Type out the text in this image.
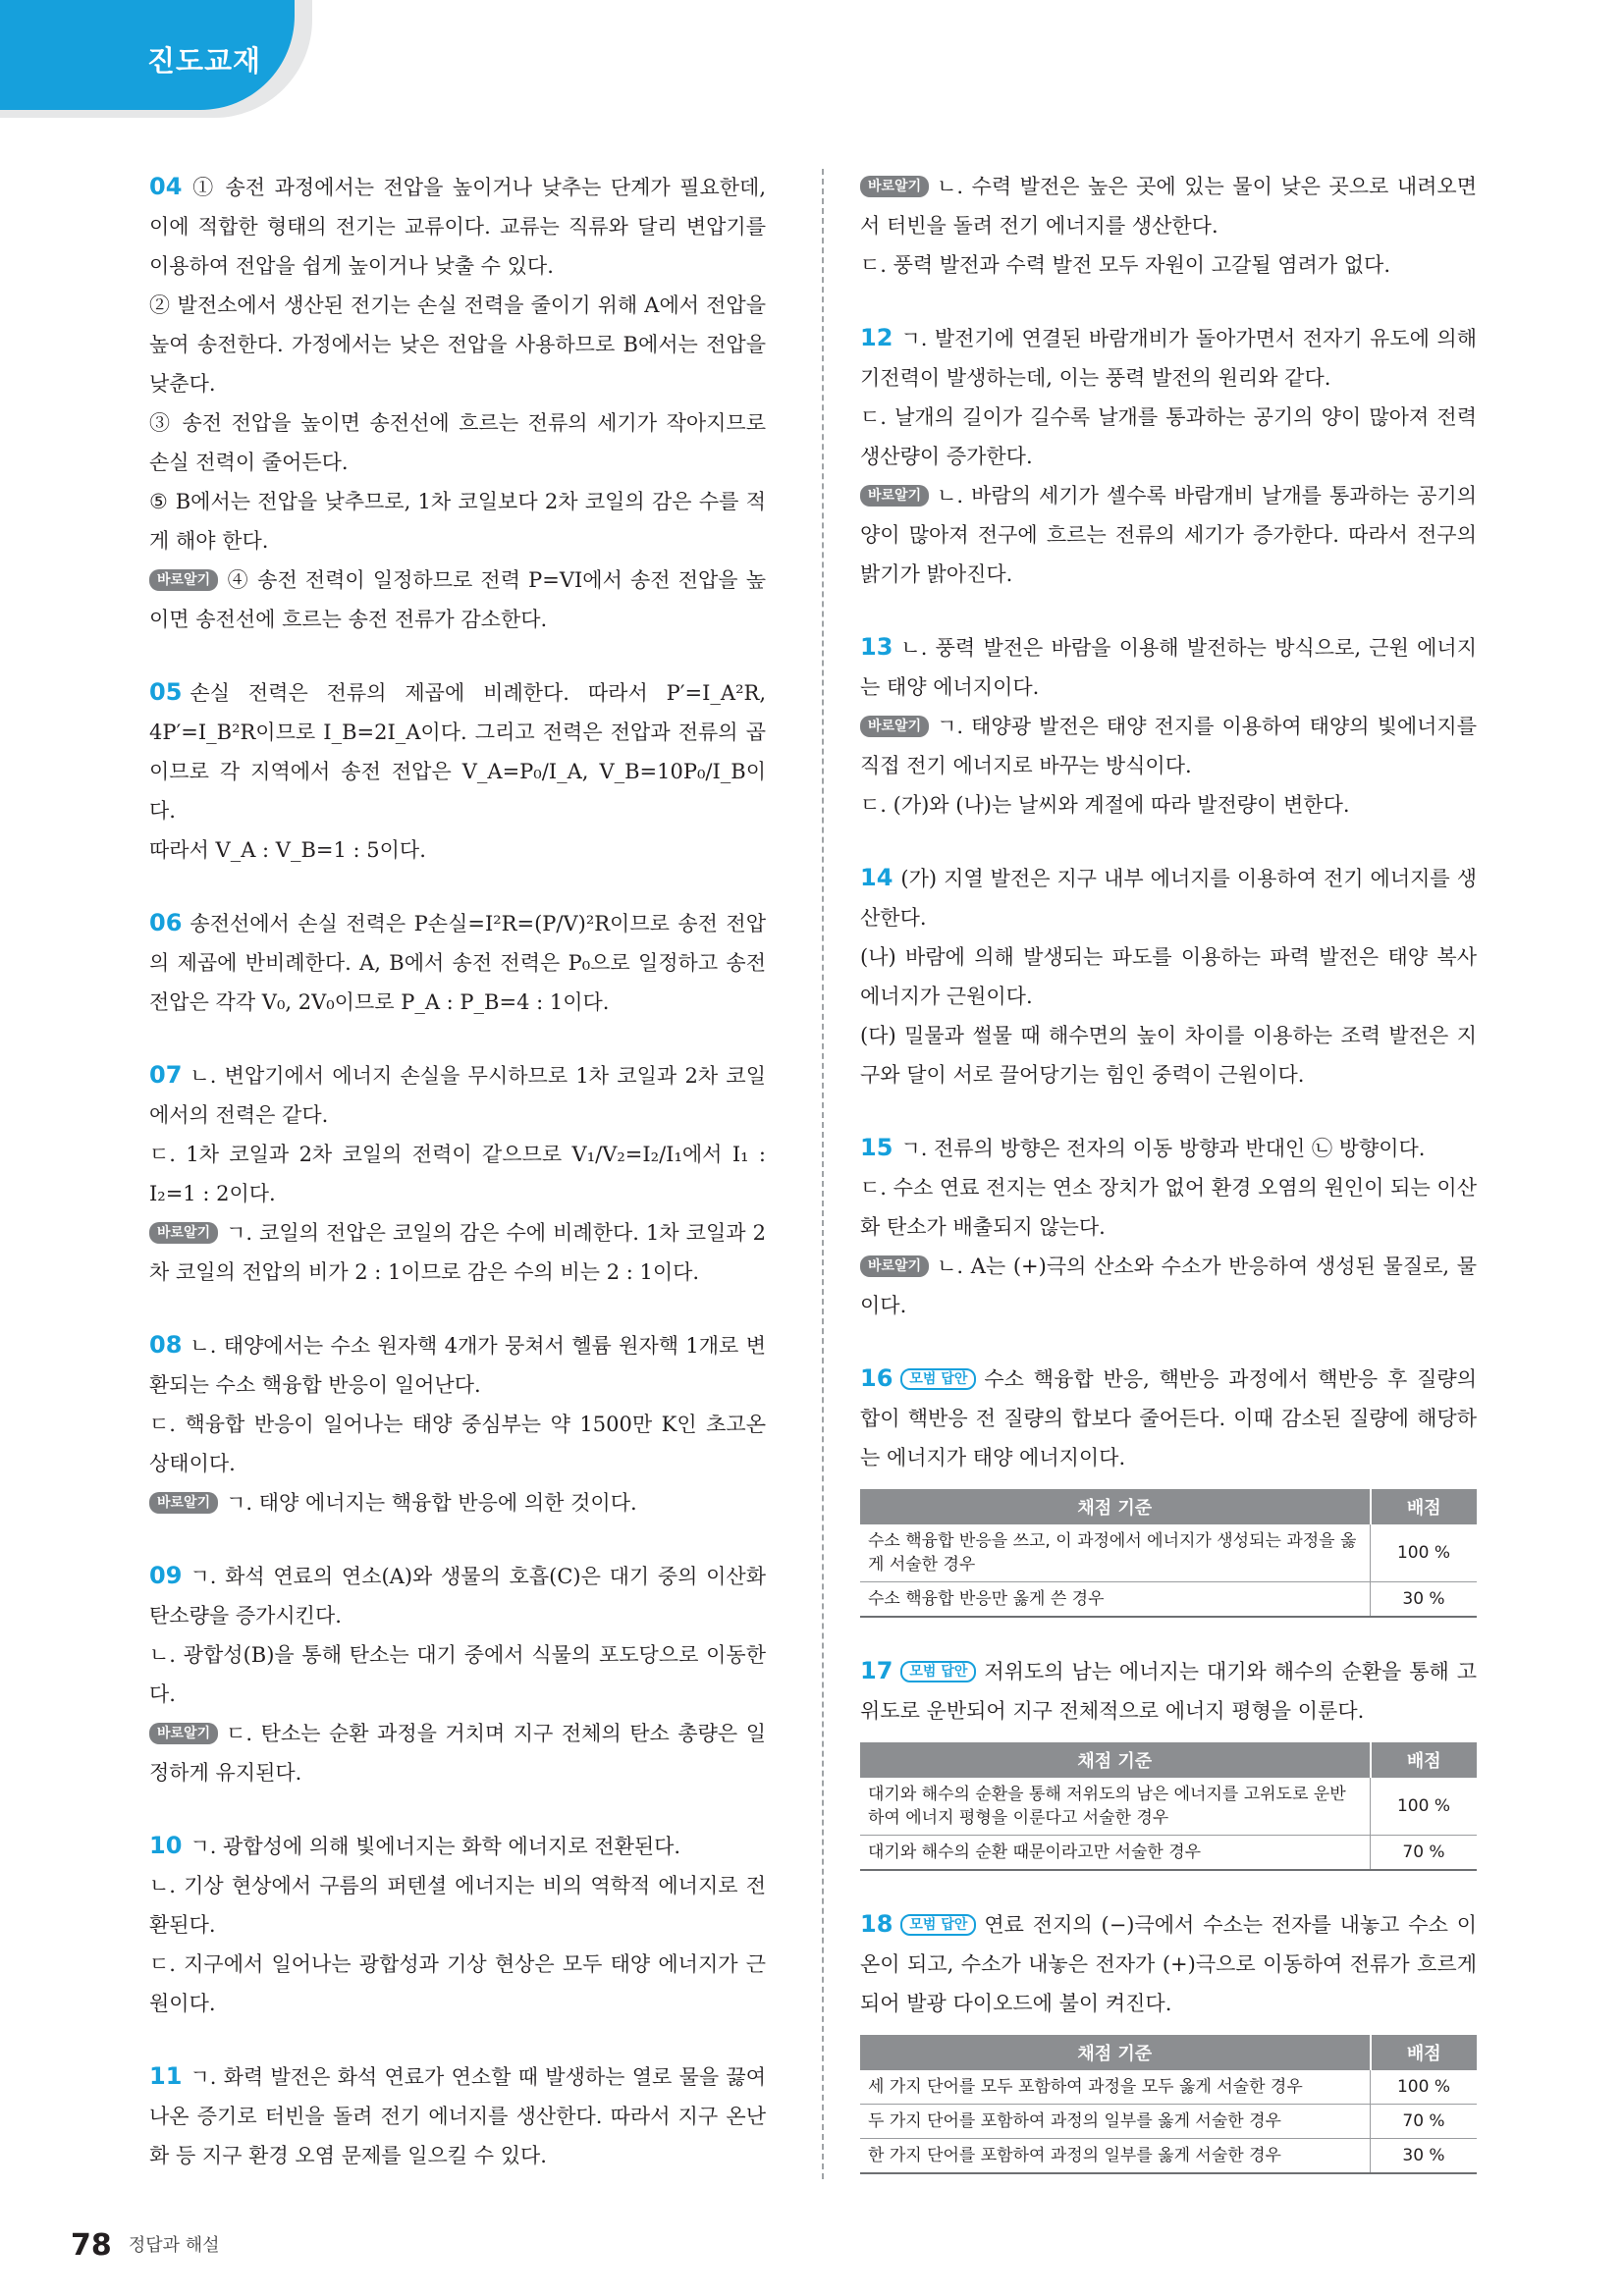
진도교재

04 ① 송전 과정에서는 전압을 높이거나 낮추는 단계가 필요한데, 이에 적합한 형태의 전기는 교류이다. 교류는 직류와 달리 변압기를 이용하여 전압을 쉽게 높이거나 낮출 수 있다.

② 발전소에서 생산된 전기는 손실 전력을 줄이기 위해 A에서 전압을 높여 송전한다. 가정에서는 낮은 전압을 사용하므로 B에서는 전압을 낮춘다.

③ 송전 전압을 높이면 송전선에 흐르는 전류의 세기가 작아지므로 손실 전력이 줄어든다.

⑤ B에서는 전압을 낮추므로, 1차 코일보다 2차 코일의 감은 수를 적게 해야 한다.

바로알기 ④ 송전 전력이 일정하므로 전력 P=VI에서 송전 전압을 높이면 송전선에 흐르는 송전 전류가 감소한다.

05 손실 전력은 전류의 제곱에 비례한다. 따라서 P′=I_A²R, 4P′=I_B²R이므로 I_B=2I_A이다. 그리고 전력은 전압과 전류의 곱이므로 각 지역에서 송전 전압은 V_A=P₀/I_A, V_B=10P₀/I_B이다.

따라서 V_A : V_B=1 : 5이다.

06 송전선에서 손실 전력은 P손실=I²R=(P/V)²R이므로 송전 전압의 제곱에 반비례한다. A, B에서 송전 전력은 P₀으로 일정하고 송전 전압은 각각 V₀, 2V₀이므로 P_A : P_B=4 : 1이다.

07 ㄴ. 변압기에서 에너지 손실을 무시하므로 1차 코일과 2차 코일에서의 전력은 같다.

ㄷ. 1차 코일과 2차 코일의 전력이 같으므로 V₁/V₂=I₂/I₁에서 I₁ : I₂=1 : 2이다.

바로알기 ㄱ. 코일의 전압은 코일의 감은 수에 비례한다. 1차 코일과 2차 코일의 전압의 비가 2 : 1이므로 감은 수의 비는 2 : 1이다.

08 ㄴ. 태양에서는 수소 원자핵 4개가 뭉쳐서 헬륨 원자핵 1개로 변환되는 수소 핵융합 반응이 일어난다.

ㄷ. 핵융합 반응이 일어나는 태양 중심부는 약 1500만 K인 초고온 상태이다.

바로알기 ㄱ. 태양 에너지는 핵융합 반응에 의한 것이다.

09 ㄱ. 화석 연료의 연소(A)와 생물의 호흡(C)은 대기 중의 이산화 탄소량을 증가시킨다.

ㄴ. 광합성(B)을 통해 탄소는 대기 중에서 식물의 포도당으로 이동한다.

바로알기 ㄷ. 탄소는 순환 과정을 거치며 지구 전체의 탄소 총량은 일정하게 유지된다.

10 ㄱ. 광합성에 의해 빛에너지는 화학 에너지로 전환된다.

ㄴ. 기상 현상에서 구름의 퍼텐셜 에너지는 비의 역학적 에너지로 전환된다.

ㄷ. 지구에서 일어나는 광합성과 기상 현상은 모두 태양 에너지가 근원이다.

11 ㄱ. 화력 발전은 화석 연료가 연소할 때 발생하는 열로 물을 끓여 나온 증기로 터빈을 돌려 전기 에너지를 생산한다. 따라서 지구 온난화 등 지구 환경 오염 문제를 일으킬 수 있다.

바로알기 ㄴ. 수력 발전은 높은 곳에 있는 물이 낮은 곳으로 내려오면서 터빈을 돌려 전기 에너지를 생산한다.

ㄷ. 풍력 발전과 수력 발전 모두 자원이 고갈될 염려가 없다.

12 ㄱ. 발전기에 연결된 바람개비가 돌아가면서 전자기 유도에 의해 기전력이 발생하는데, 이는 풍력 발전의 원리와 같다.

ㄷ. 날개의 길이가 길수록 날개를 통과하는 공기의 양이 많아져 전력 생산량이 증가한다.

바로알기 ㄴ. 바람의 세기가 셀수록 바람개비 날개를 통과하는 공기의 양이 많아져 전구에 흐르는 전류의 세기가 증가한다. 따라서 전구의 밝기가 밝아진다.

13 ㄴ. 풍력 발전은 바람을 이용해 발전하는 방식으로, 근원 에너지는 태양 에너지이다.

바로알기 ㄱ. 태양광 발전은 태양 전지를 이용하여 태양의 빛에너지를 직접 전기 에너지로 바꾸는 방식이다.

ㄷ. (가)와 (나)는 날씨와 계절에 따라 발전량이 변한다.

14 (가) 지열 발전은 지구 내부 에너지를 이용하여 전기 에너지를 생산한다.

(나) 바람에 의해 발생되는 파도를 이용하는 파력 발전은 태양 복사 에너지가 근원이다.

(다) 밀물과 썰물 때 해수면의 높이 차이를 이용하는 조력 발전은 지구와 달이 서로 끌어당기는 힘인 중력이 근원이다.

15 ㄱ. 전류의 방향은 전자의 이동 방향과 반대인 ㉡ 방향이다.

ㄷ. 수소 연료 전지는 연소 장치가 없어 환경 오염의 원인이 되는 이산화 탄소가 배출되지 않는다.

바로알기 ㄴ. A는 (+)극의 산소와 수소가 반응하여 생성된 물질로, 물이다.

16 모범 답안 수소 핵융합 반응, 핵반응 과정에서 핵반응 후 질량의 합이 핵반응 전 질량의 합보다 줄어든다. 이때 감소된 질량에 해당하는 에너지가 태양 에너지이다.

채점 기준	배점
수소 핵융합 반응을 쓰고, 이 과정에서 에너지가 생성되는 과정을 옳게 서술한 경우	100 %
수소 핵융합 반응만 옳게 쓴 경우	30 %

17 모범 답안 저위도의 남는 에너지는 대기와 해수의 순환을 통해 고위도로 운반되어 지구 전체적으로 에너지 평형을 이룬다.

채점 기준	배점
대기와 해수의 순환을 통해 저위도의 남은 에너지를 고위도로 운반하여 에너지 평형을 이룬다고 서술한 경우	100 %
대기와 해수의 순환 때문이라고만 서술한 경우	70 %

18 모범 답안 연료 전지의 (−)극에서 수소는 전자를 내놓고 수소 이온이 되고, 수소가 내놓은 전자가 (+)극으로 이동하여 전류가 흐르게 되어 발광 다이오드에 불이 켜진다.

채점 기준	배점
세 가지 단어를 모두 포함하여 과정을 모두 옳게 서술한 경우	100 %
두 가지 단어를 포함하여 과정의 일부를 옳게 서술한 경우	70 %
한 가지 단어를 포함하여 과정의 일부를 옳게 서술한 경우	30 %
78 정답과 해설
